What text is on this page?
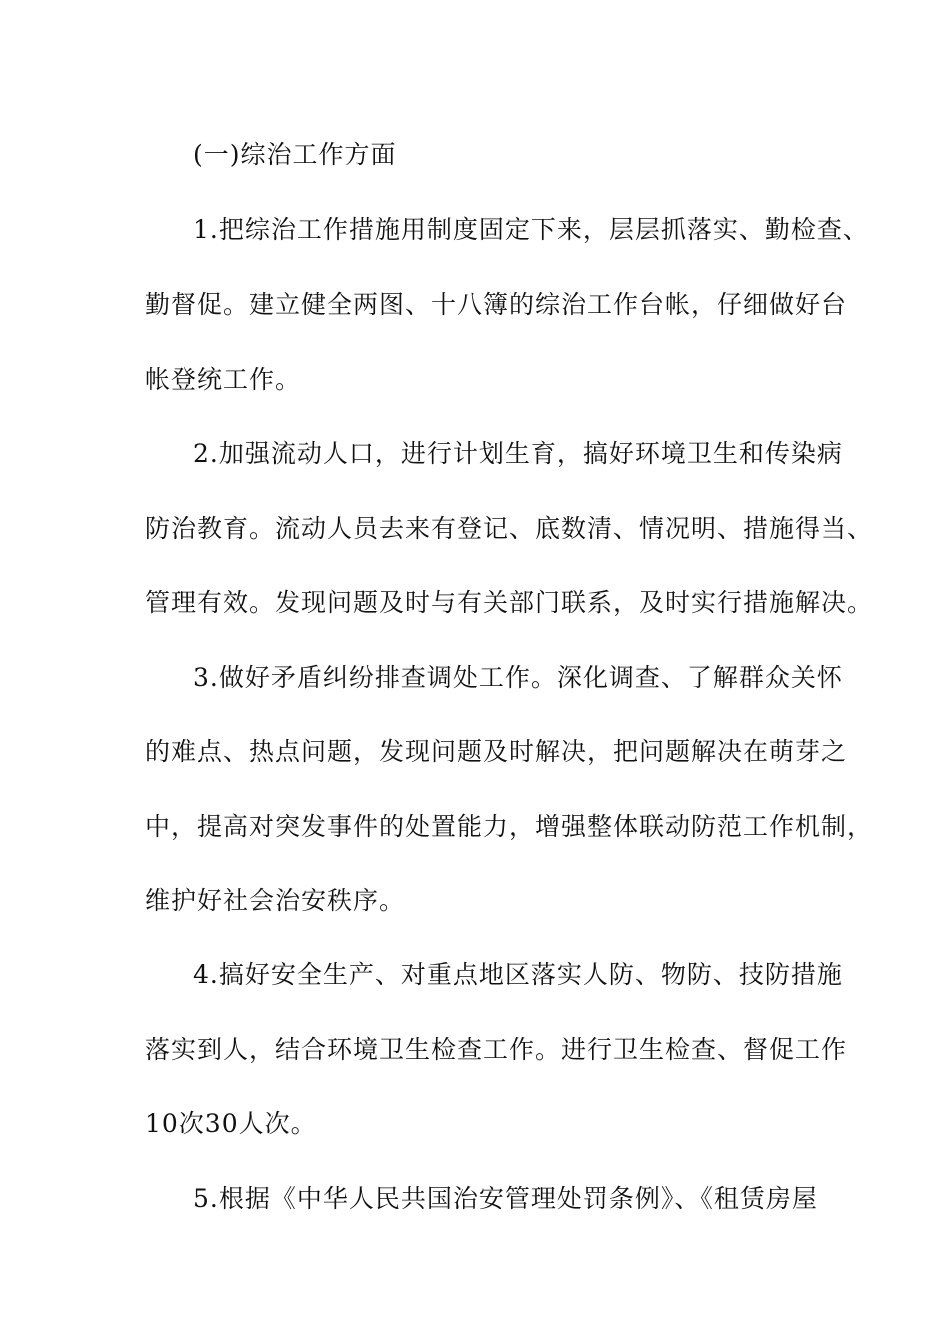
(一)综治工作方面

1.把综治工作措施用制度固定下来，层层抓落实、勤检查、

勤督促。建立健全两图、十八簿的综治工作台帐，仔细做好台

帐登统工作。

2.加强流动人口，进行计划生育，搞好环境卫生和传染病

防治教育。流动人员去来有登记、底数清、情况明、措施得当、

管理有效。发现问题及时与有关部门联系，及时实行措施解决。

3.做好矛盾纠纷排查调处工作。深化调查、了解群众关怀

的难点、热点问题，发现问题及时解决，把问题解决在萌芽之

中，提高对突发事件的处置能力，增强整体联动防范工作机制，

维护好社会治安秩序。

4.搞好安全生产、对重点地区落实人防、物防、技防措施

落实到人，结合环境卫生检查工作。进行卫生检查、督促工作

10次30人次。

5.根据《中华人民共国治安管理处罚条例》、《租赁房屋
